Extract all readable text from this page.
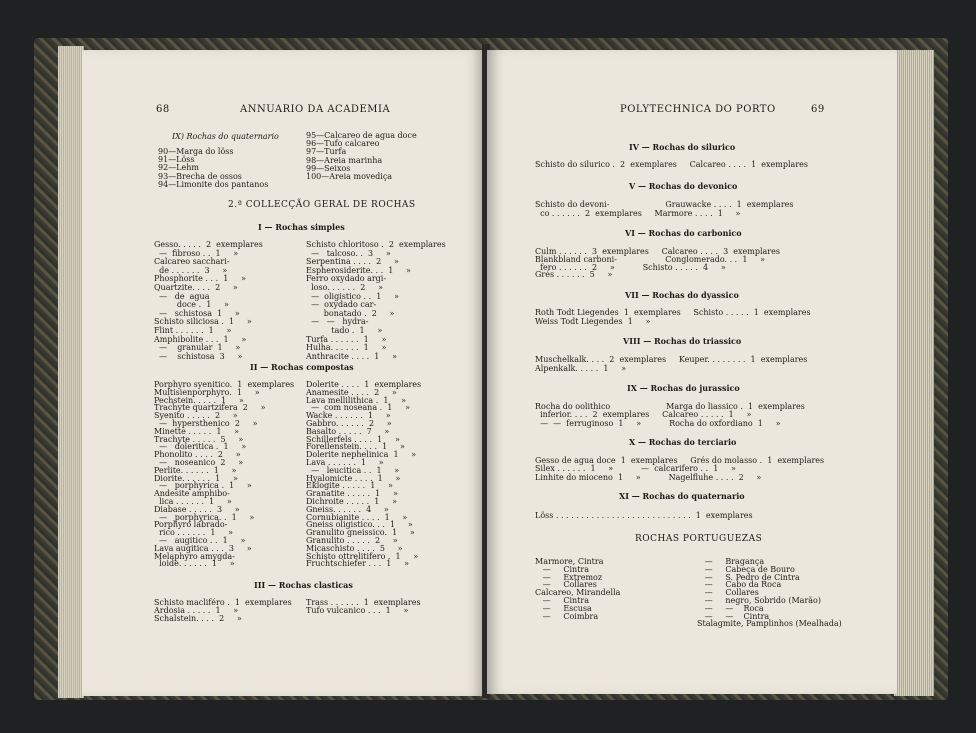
68	ANNUARIO DA ACADEMIA
IX) Rochas do quaternario
2.ª COLLECÇÃO GERAL DE ROCHAS
I — Rochas simples
II — Rochas compostas
III — Rochas clasticas
90—Marga do löss
91—Löss
92—Lehm
93—Brecha de ossos
94—Limonite dos pantanos
95—Calcareo de agua doce
96—Tufo calcareo
97—Turfa
98—Areia marinha
99—Seixos
100—Areia movediça
Gesso. . . . .  2  exemplares
—  fibroso . .  1     »
Calcareo sacchari-
de . . . . . .  3     »
Phosphorite . . .  1     »
Quartzite. . . .  2     »
—   de  agua
doce .  1     »
—   schistosa  1     »
Schisto siliciosa .  1     »
Flint . . . . . .  1     »
Amphibolite . . .  1     »
—    granular  1     »
—    schistosa  3     »
Schisto chloritoso .  2  exemplares
—   talcoso. .  3     »
Serpentina . . . .  2     »
Espherosiderite. . .  1     »
Ferro oxydado argi-
loso. . . . . .  2     »
—  oligistico . .  1     »
—  oxydado car-
bonatado .  2     »
—   —   hydra-
tado .  1     »
Turfa . . . . . .  1     »
Hulha. . . . . .  1     »
Anthracite . . . .  1     »
Porphyro syenitico.  1  exemplares
Multisienporphyro.  1     »
Pechstein. . . . .  1     »
Trachyte quartzifera  2     »
Syenito . . . . .  2     »
—  hypersthenico  2     »
Minette . . . . .  1     »
Trachyte . . . . .  5     »
—   doleritica .  1     »
Phonolito . . . .  2     »
—   noseanico  2     »
Perlite. . . . . .  1     »
Diorite. . . . . .  1     »
—   porphyrica .  1     »
Andesite amphibo-
lica . . . . . .  1     »
Diabase . . . . .  3     »
—   porphyrica. .  1     »
Porphyro labrado-
rico . . . . . .  1     »
—   augitico . .  1     »
Lava augitica . . .  3     »
Melaphyro amygda-
loide. . . . . .  1     »
Dolerite . . . .  1  exemplares
Anamesite . . . .  2     »
Lava mellilithica .  1     »
—  com noseana .  1     »
Wacke . . . . . .  1     »
Gabbro. . . . . .  2     »
Basalto . . . . .  7     »
Schillerfels . . . .  1     »
Forellenstein. . . .  1     »
Dolerite nephelinica  1     »
Lava . . . . . .  1     »
—   leucitica . .  1     »
Hyalomicte . . . .  1     »
Eklogite . . . . .  1     »
Granatite . . . . .  1     »
Dichroite . . . . .  1     »
Gneiss. . . . . .  4     »
Cornubianite . . . .  1     »
Gneiss oligistico. . .  1     »
Granulito gneissico.  1     »
Granulito . . . . .  2     »
Micaschisto . . . .  5     »
Schisto ottrelitifero .  1     »
Fruchtschiefer . . .  1     »
Schisto macliféro .  1  exemplares
Ardosia . . . . .  1     »
Schalstein. . . .  2     »
Trass . . . . . .  1  exemplares
Tufo vulcanico . . .  1     »
POLYTECHNICA DO PORTO	69
IV — Rochas do silurico
V — Rochas do devonico
VI — Rochas do carbonico
VII — Rochas do dyassico
VIII — Rochas do triassico
IX — Rochas do jurassico
X — Rochas do terciario
XI — Rochas do quaternario
ROCHAS PORTUGUEZAS
Schisto do silurico .  2  exemplares     Calcareo . . . .  1  exemplares
Schisto do devoni-                      Grauwacke . . . .  1  exemplares
co . . . . . .  2  exemplares     Marmore . . . .  1     »
Culm . . . . . .  3  exemplares     Calcareo . . . .  3  exemplares
Blankbland carboni-                   Conglomerado. . .  1     »
fero . . . . . .  2     »           Schisto . . . . .  4     »
Grés . . . . . .  5     »
Roth Todt Liegendes  1  exemplares     Schisto . . . . .  1  exemplares
Weiss Todt Liegendes  1     »
Muschelkalk. . . .  2  exemplares     Keuper. . . . . . . .  1  exemplares
Alpenkalk. . . . .  1     »
Rocha do oolithico                      Marga do liassico .  1  exemplares
inferior. . . .  2  exemplares     Calcareo . . . . .  1     »
—  —  ferruginoso  1     »           Rocha do oxfordiano  1     »
Gesso de agua doce  1  exemplares     Grés do molasso .  1  exemplares
Silex . . . . . .  1     »           —  calcarifero . .  1     »
Linhite do mioceno  1     »           Nagelfluhe . . . .  2     »
Löss . . . . . . . . . . . . . . . . . . . . . . . . . . .  1  exemplares
Marmore, Cintra
—     Cintra
—     Extremoz
—     Collares
Calcareo, Mirandella
—     Cintra
—     Escusa
—     Coimbra
—     Bragança
—     Cabeça de Bouro
—     S. Pedro de Cintra
—     Cabo da Roca
—     Collares
—     negro, Sobrido (Marão)
—     —    Roca
—     —    Cintra
Stalagmite, Pamplinhos (Mealhada)
